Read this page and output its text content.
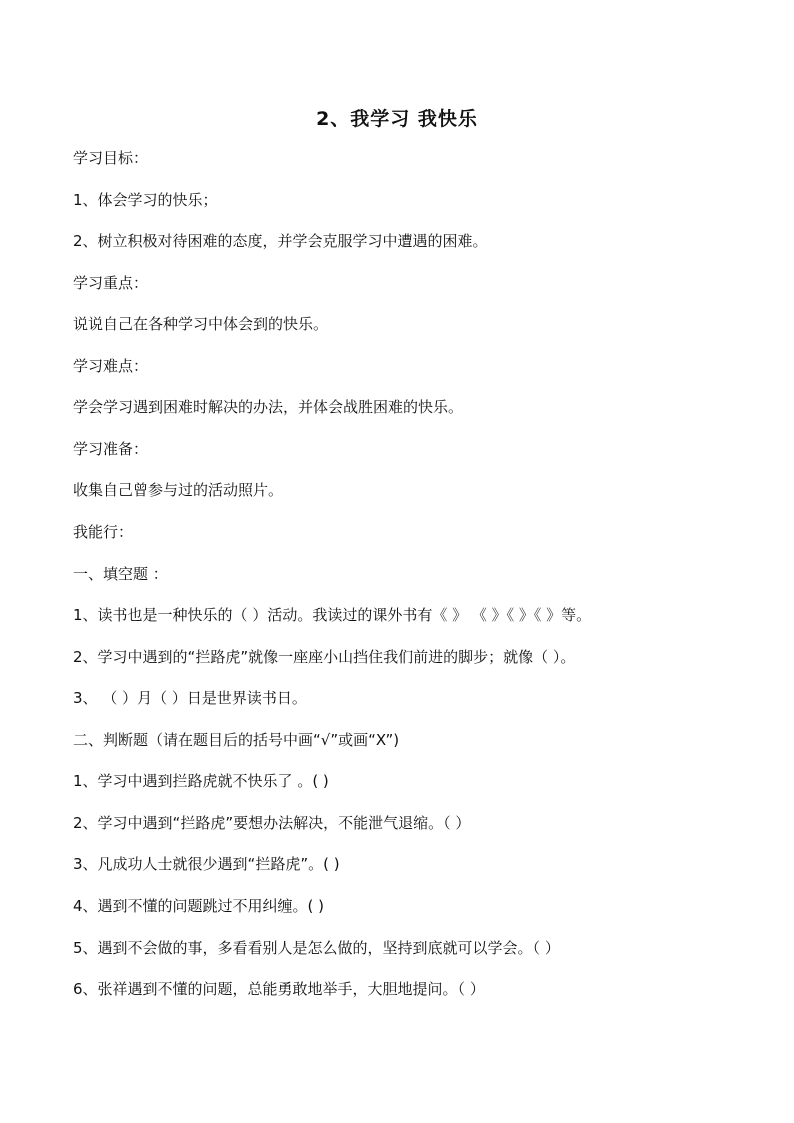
2、我学习 我快乐
学习目标：
1、体会学习的快乐；
2、树立积极对待困难的态度，并学会克服学习中遭遇的困难。
学习重点：
说说自己在各种学习中体会到的快乐。
学习难点：
学会学习遇到困难时解决的办法，并体会战胜困难的快乐。
学习准备：
收集自己曾参与过的活动照片。
我能行：
一、填空题 ：
1、读书也是一种快乐的（ ）活动。我读过的课外书有《 》 《 》《 》《 》等。
2、学习中遇到的“拦路虎”就像一座座小山挡住我们前进的脚步；就像（ ）。
3、 （ ）月（ ）日是世界读书日。
二、判断题（请在题目后的括号中画“√”或画“X”)
1、学习中遇到拦路虎就不快乐了 。( )
2、学习中遇到“拦路虎”要想办法解决，不能泄气退缩。（ ）
3、凡成功人士就很少遇到“拦路虎”。( )
4、遇到不懂的问题跳过不用纠缠。( )
5、遇到不会做的事，多看看别人是怎么做的，坚持到底就可以学会。（ ）
6、张祥遇到不懂的问题，总能勇敢地举手，大胆地提问。（ ）
